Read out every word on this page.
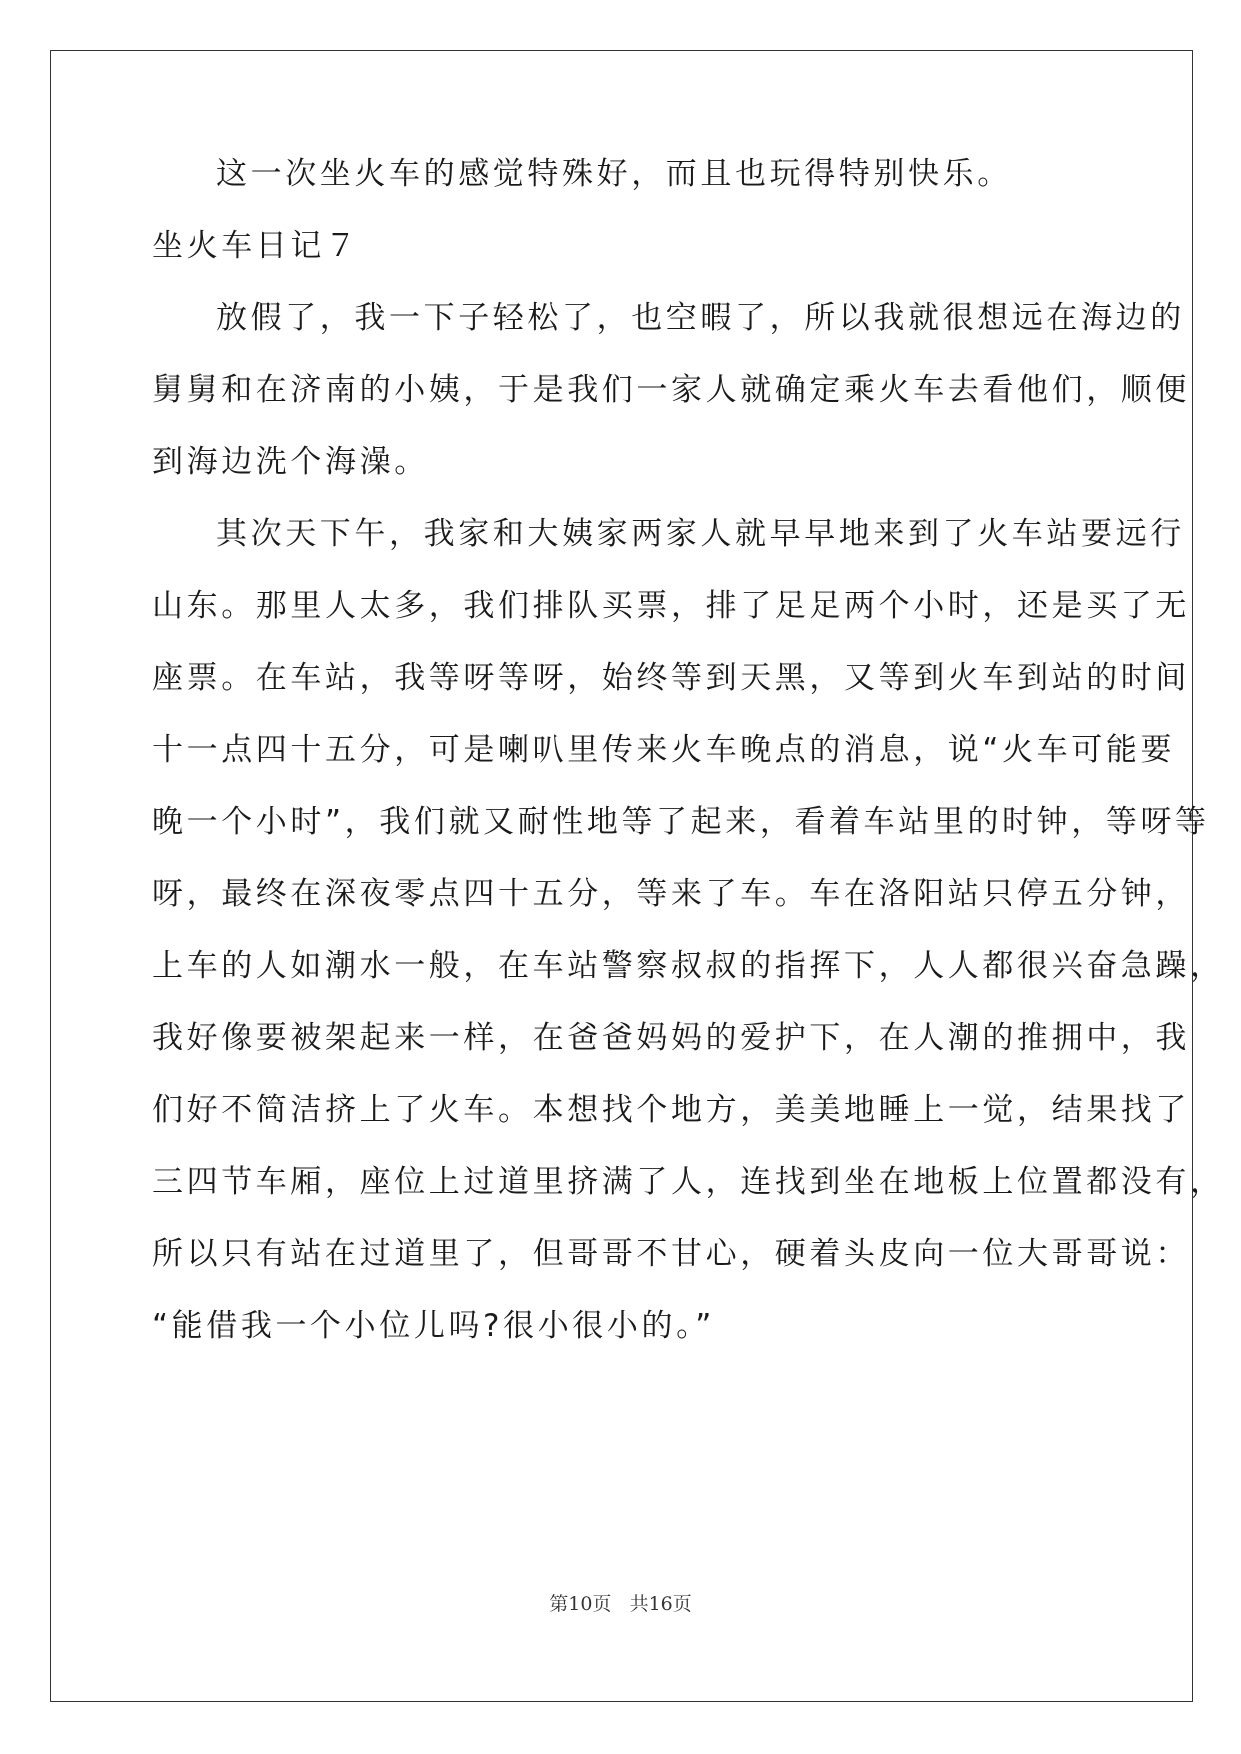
这一次坐火车的感觉特殊好，而且也玩得特别快乐。
坐火车日记７
放假了，我一下子轻松了，也空暇了，所以我就很想远在海边的
舅舅和在济南的小姨，于是我们一家人就确定乘火车去看他们，顺便
到海边洗个海澡。
其次天下午，我家和大姨家两家人就早早地来到了火车站要远行
山东。那里人太多，我们排队买票，排了足足两个小时，还是买了无
座票。在车站，我等呀等呀，始终等到天黑，又等到火车到站的时间
十一点四十五分，可是喇叭里传来火车晚点的消息，说“火车可能要
晚一个小时”，我们就又耐性地等了起来，看着车站里的时钟，等呀等
呀，最终在深夜零点四十五分，等来了车。车在洛阳站只停五分钟，
上车的人如潮水一般，在车站警察叔叔的指挥下，人人都很兴奋急躁，
我好像要被架起来一样，在爸爸妈妈的爱护下，在人潮的推拥中，我
们好不简洁挤上了火车。本想找个地方，美美地睡上一觉，结果找了
三四节车厢，座位上过道里挤满了人，连找到坐在地板上位置都没有，
所以只有站在过道里了，但哥哥不甘心，硬着头皮向一位大哥哥说：
“能借我一个小位儿吗?很小很小的。”
第10页 共16页
